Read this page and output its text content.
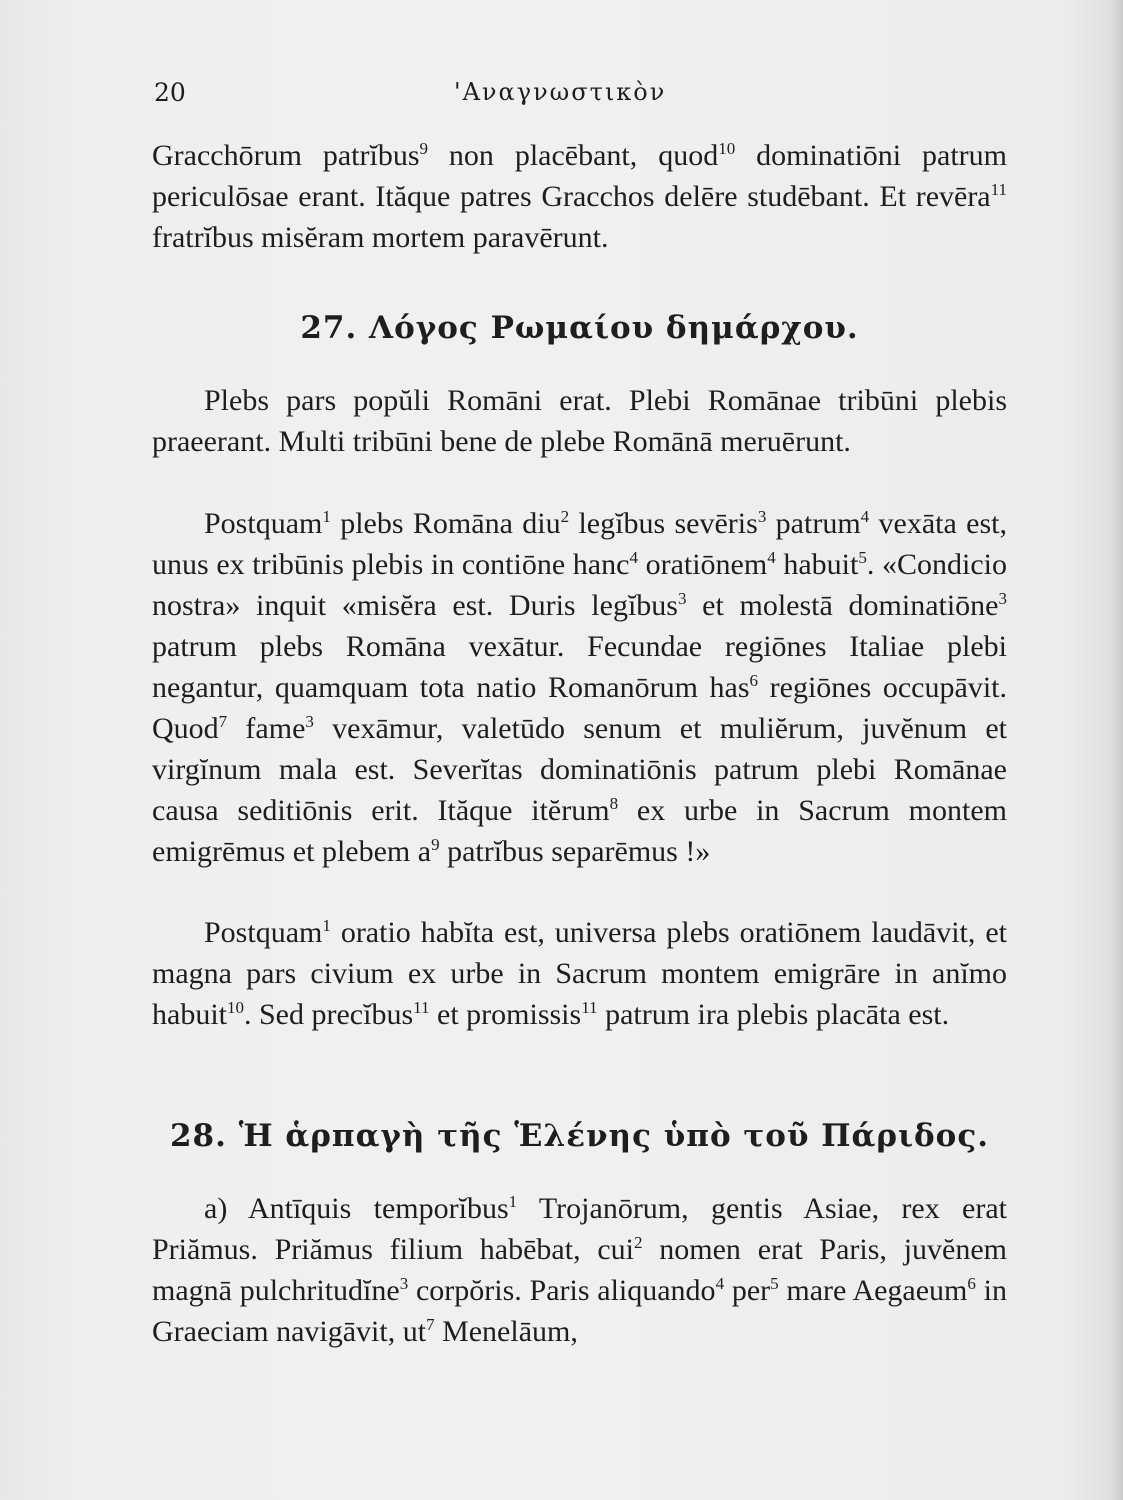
20	'Αναγνωστικὸν

Gracchōrum patrĭbus$^9$ non placēbant, quod$^{10}$ dominatiōni patrum periculōsae erant. Ităque patres Gracchos delēre studēbant. Et revēra$^{11}$ fratrĭbus misĕram mortem paravērunt.

27. Λόγος Ρωμαίου δημάρχου.

Plebs pars popŭli Romāni erat. Plebi Romānae tribūni plebis praeerant. Multi tribūni bene de plebe Romānā meruērunt.

Postquam$^1$ plebs Romāna diu$^2$ legĭbus sevēris$^3$ patrum$^4$ vexāta est, unus ex tribūnis plebis in contiōne hanc$^4$ oratiōnem$^4$ habuit$^5$. «Condicio nostra» inquit «misĕra est. Duris legĭbus$^3$ et molestā dominatiōne$^3$ patrum plebs Romāna vexātur. Fecundae regiōnes Italiae plebi negantur, quamquam tota natio Romanōrum has$^6$ regiōnes occupāvit. Quod$^7$ fame$^3$ vexāmur, valetūdo senum et muliĕrum, juvĕnum et virgĭnum mala est. Severĭtas dominatiōnis patrum plebi Romānae causa seditiōnis erit. Ităque itĕrum$^8$ ex urbe in Sacrum montem emigrēmus et plebem $a^9$ patrĭbus separēmus !»

Postquam$^1$ oratio habĭta est, universa plebs oratiōnem laudāvit, et magna pars civium ex urbe in Sacrum montem emigrāre in anĭmo habuit$^{10}$. Sed precĭbus$^{11}$ et promissis$^{11}$ patrum ira plebis placāta est.

28. Ἡ ἁρπαγὴ τῆς Ἑλένης ὑπὸ τοῦ Πάριδος.

a) Antīquis temporĭbus$^1$ Trojanōrum, gentis Asiae, rex erat Priămus. Priămus filium habēbat, cui$^2$ nomen erat Paris, juvĕnem magnā pulchritudĭne$^3$ corpŏris. Paris aliquando$^4$ per$^5$ mare Aegaeum$^6$ in Graeciam navigāvit, $ut^7$ Menelāum,
